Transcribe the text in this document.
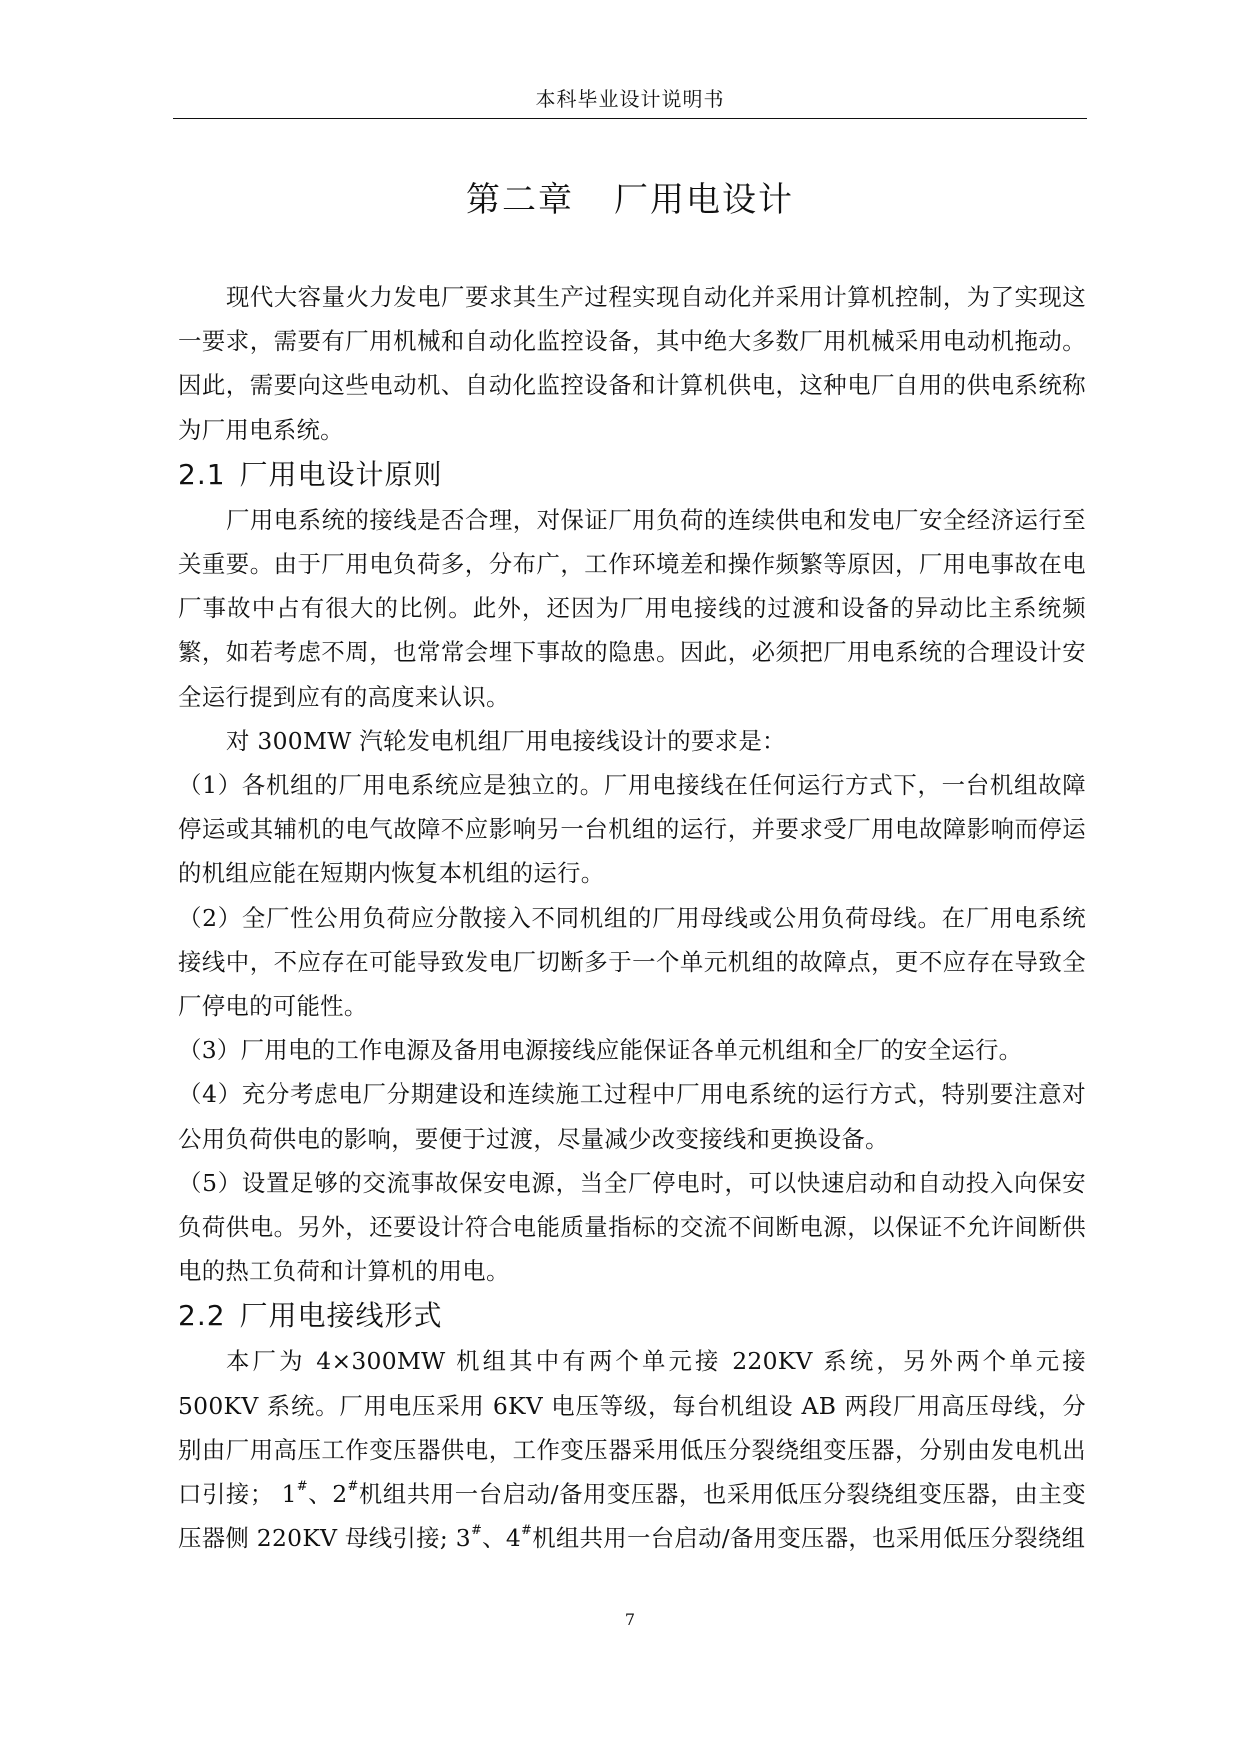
本科毕业设计说明书
第二章 厂用电设计

现代大容量火力发电厂要求其生产过程实现自动化并采用计算机控制，为了实现这一要求，需要有厂用机械和自动化监控设备，其中绝大多数厂用机械采用电动机拖动。因此，需要向这些电动机、自动化监控设备和计算机供电，这种电厂自用的供电系统称为厂用电系统。

2.1 厂用电设计原则

厂用电系统的接线是否合理，对保证厂用负荷的连续供电和发电厂安全经济运行至关重要。由于厂用电负荷多，分布广，工作环境差和操作频繁等原因，厂用电事故在电厂事故中占有很大的比例。此外，还因为厂用电接线的过渡和设备的异动比主系统频繁，如若考虑不周，也常常会埋下事故的隐患。因此，必须把厂用电系统的合理设计安全运行提到应有的高度来认识。

对 300MW 汽轮发电机组厂用电接线设计的要求是：

（1）各机组的厂用电系统应是独立的。厂用电接线在任何运行方式下，一台机组故障停运或其辅机的电气故障不应影响另一台机组的运行，并要求受厂用电故障影响而停运的机组应能在短期内恢复本机组的运行。

（2）全厂性公用负荷应分散接入不同机组的厂用母线或公用负荷母线。在厂用电系统接线中，不应存在可能导致发电厂切断多于一个单元机组的故障点，更不应存在导致全厂停电的可能性。

（3）厂用电的工作电源及备用电源接线应能保证各单元机组和全厂的安全运行。

（4）充分考虑电厂分期建设和连续施工过程中厂用电系统的运行方式，特别要注意对公用负荷供电的影响，要便于过渡，尽量减少改变接线和更换设备。

（5）设置足够的交流事故保安电源，当全厂停电时，可以快速启动和自动投入向保安负荷供电。另外，还要设计符合电能质量指标的交流不间断电源，以保证不允许间断供电的热工负荷和计算机的用电。

2.2 厂用电接线形式

本厂为 4×300MW 机组其中有两个单元接 220KV 系统，另外两个单元接 500KV 系统。厂用电压采用 6KV 电压等级，每台机组设 AB 两段厂用高压母线，分别由厂用高压工作变压器供电，工作变压器采用低压分裂绕组变压器，分别由发电机出口引接； 1#、2#机组共用一台启动/备用变压器，也采用低压分裂绕组变压器，由主变压器侧 220KV 母线引接; 3#、4#机组共用一台启动/备用变压器，也采用低压分裂绕组

7
